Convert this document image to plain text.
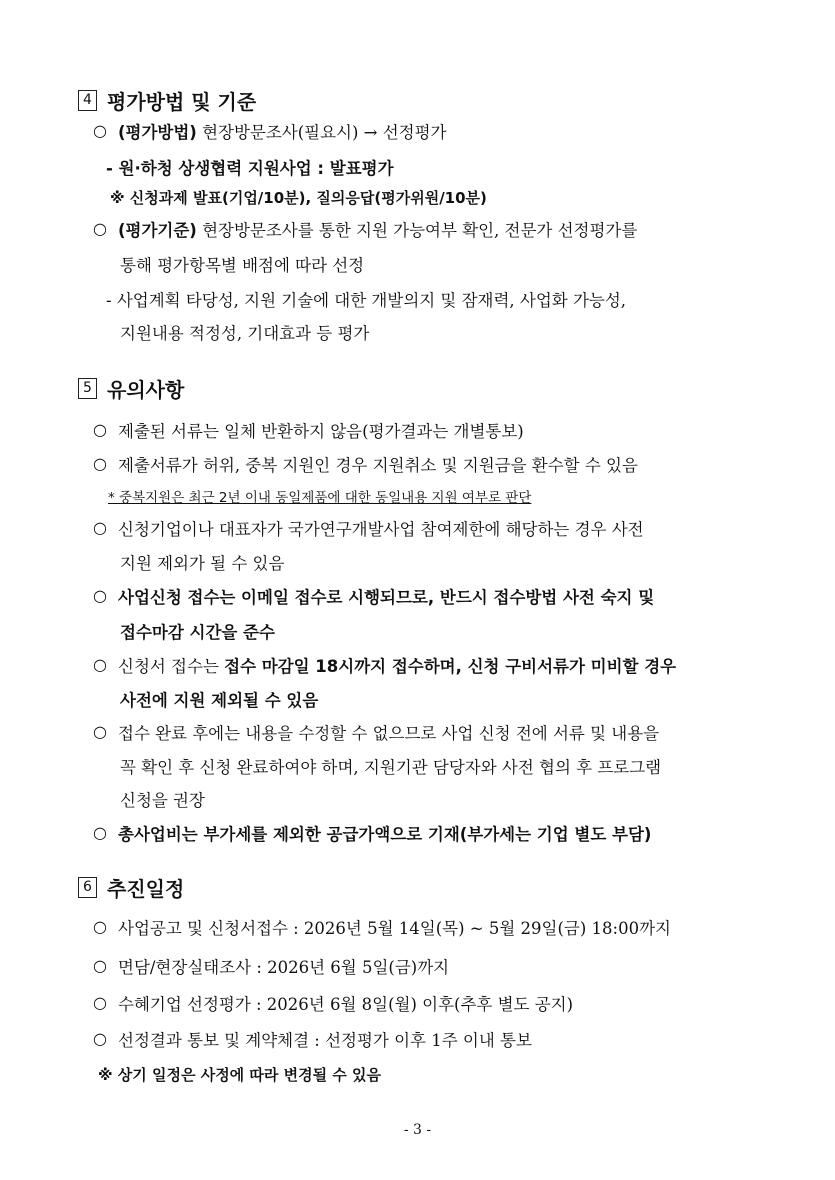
4 평가방법 및 기준
○ (평가방법) 현장방문조사(필요시) → 선정평가
- 원·하청 상생협력 지원사업 : 발표평가
※ 신청과제 발표(기업/10분), 질의응답(평가위원/10분)
○ (평가기준) 현장방문조사를 통한 지원 가능여부 확인, 전문가 선정평가를
통해 평가항목별 배점에 따라 선정
- 사업계획 타당성, 지원 기술에 대한 개발의지 및 잠재력, 사업화 가능성,
지원내용 적정성, 기대효과 등 평가
5 유의사항
○ 제출된 서류는 일체 반환하지 않음(평가결과는 개별통보)
○ 제출서류가 허위, 중복 지원인 경우 지원취소 및 지원금을 환수할 수 있음
* 중복지원은 최근 2년 이내 동일제품에 대한 동일내용 지원 여부로 판단
○ 신청기업이나 대표자가 국가연구개발사업 참여제한에 해당하는 경우 사전
지원 제외가 될 수 있음
○ 사업신청 접수는 이메일 접수로 시행되므로, 반드시 접수방법 사전 숙지 및
접수마감 시간을 준수
○ 신청서 접수는 접수 마감일 18시까지 접수하며, 신청 구비서류가 미비할 경우
사전에 지원 제외될 수 있음
○ 접수 완료 후에는 내용을 수정할 수 없으므로 사업 신청 전에 서류 및 내용을
꼭 확인 후 신청 완료하여야 하며, 지원기관 담당자와 사전 협의 후 프로그램
신청을 권장
○ 총사업비는 부가세를 제외한 공급가액으로 기재(부가세는 기업 별도 부담)
6 추진일정
○ 사업공고 및 신청서접수 : 2026년 5월 14일(목) ~ 5월 29일(금) 18:00까지
○ 면담/현장실태조사 : 2026년 6월 5일(금)까지
○ 수혜기업 선정평가 : 2026년 6월 8일(월) 이후(추후 별도 공지)
○ 선정결과 통보 및 계약체결 : 선정평가 이후 1주 이내 통보
※ 상기 일정은 사정에 따라 변경될 수 있음
- 3 -
